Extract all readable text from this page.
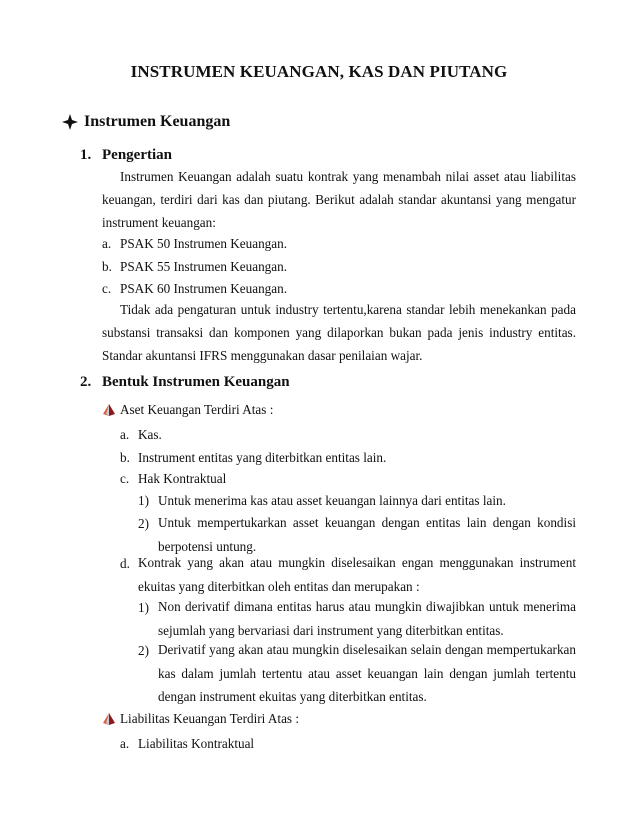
INSTRUMEN KEUANGAN, KAS DAN PIUTANG
Instrumen Keuangan
1. Pengertian

Instrumen Keuangan adalah suatu kontrak yang menambah nilai asset atau liabilitas keuangan, terdiri dari kas dan piutang. Berikut adalah standar akuntansi yang mengatur instrument keuangan:

a. PSAK 50 Instrumen Keuangan.
b. PSAK 55 Instrumen Keuangan.
c. PSAK 60 Instrumen Keuangan.

Tidak ada pengaturan untuk industry tertentu,karena standar lebih menekankan pada substansi transaksi dan komponen yang dilaporkan bukan pada jenis industry entitas. Standar akuntansi IFRS menggunakan dasar penilaian wajar.

2. Bentuk Instrumen Keuangan
Aset Keuangan Terdiri Atas :
a. Kas.
b. Instrument entitas yang diterbitkan entitas lain.
c. Hak Kontraktual
1) Untuk menerima kas atau asset keuangan lainnya dari entitas lain.
2) Untuk mempertukarkan asset keuangan dengan entitas lain dengan kondisi berpotensi untung.

d. Kontrak yang akan atau mungkin diselesaikan engan menggunakan instrument ekuitas yang diterbitkan oleh entitas dan merupakan :

1) Non derivatif dimana entitas harus atau mungkin diwajibkan untuk menerima sejumlah yang bervariasi dari instrument yang diterbitkan entitas.

2) Derivatif yang akan atau mungkin diselesaikan selain dengan mempertukarkan kas dalam jumlah tertentu atau asset keuangan lain dengan jumlah tertentu dengan instrument ekuitas yang diterbitkan entitas.

Liabilitas Keuangan Terdiri Atas :
a. Liabilitas Kontraktual
